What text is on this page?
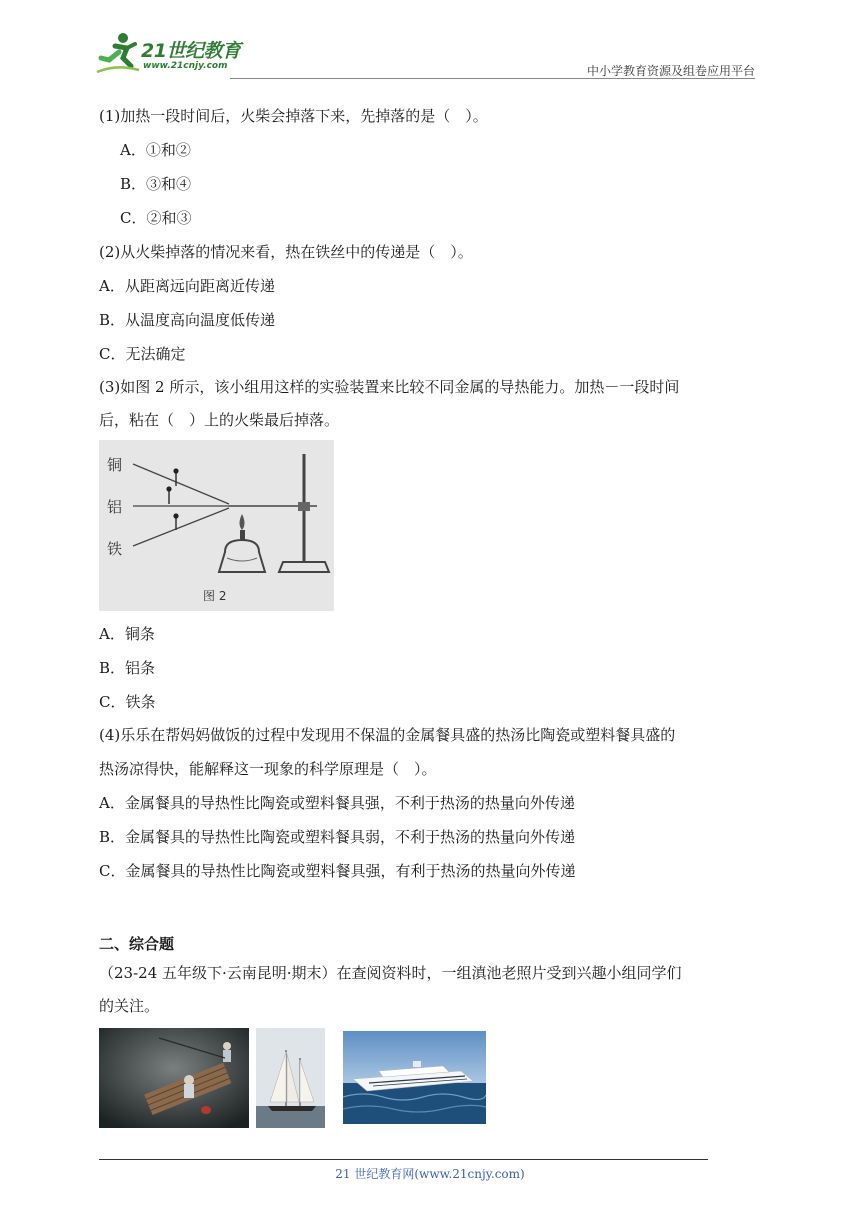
21世纪教育
www.21cnjy.com	中小学教育资源及组卷应用平台
(1)加热一段时间后，火柴会掉落下来，先掉落的是（　）。
A．①和②
B．③和④
C．②和③
(2)从火柴掉落的情况来看，热在铁丝中的传递是（　）。
A．从距离远向距离近传递
B．从温度高向温度低传递
C．无法确定
(3)如图 2 所示，该小组用这样的实验装置来比较不同金属的导热能力。加热－一段时间
后，粘在（　）上的火柴最后掉落。
铜
铝
铁
图 2
A．铜条
B．铝条
C．铁条
(4)乐乐在帮妈妈做饭的过程中发现用不保温的金属餐具盛的热汤比陶瓷或塑料餐具盛的
热汤凉得快，能解释这一现象的科学原理是（　）。
A．金属餐具的导热性比陶瓷或塑料餐具强，不利于热汤的热量向外传递
B．金属餐具的导热性比陶瓷或塑料餐具弱，不利于热汤的热量向外传递
C．金属餐具的导热性比陶瓷或塑料餐具强，有利于热汤的热量向外传递
二、综合题
（23-24 五年级下·云南昆明·期末）在查阅资料时，一组滇池老照片受到兴趣小组同学们
的关注。
21 世纪教育网(www.21cnjy.com)
